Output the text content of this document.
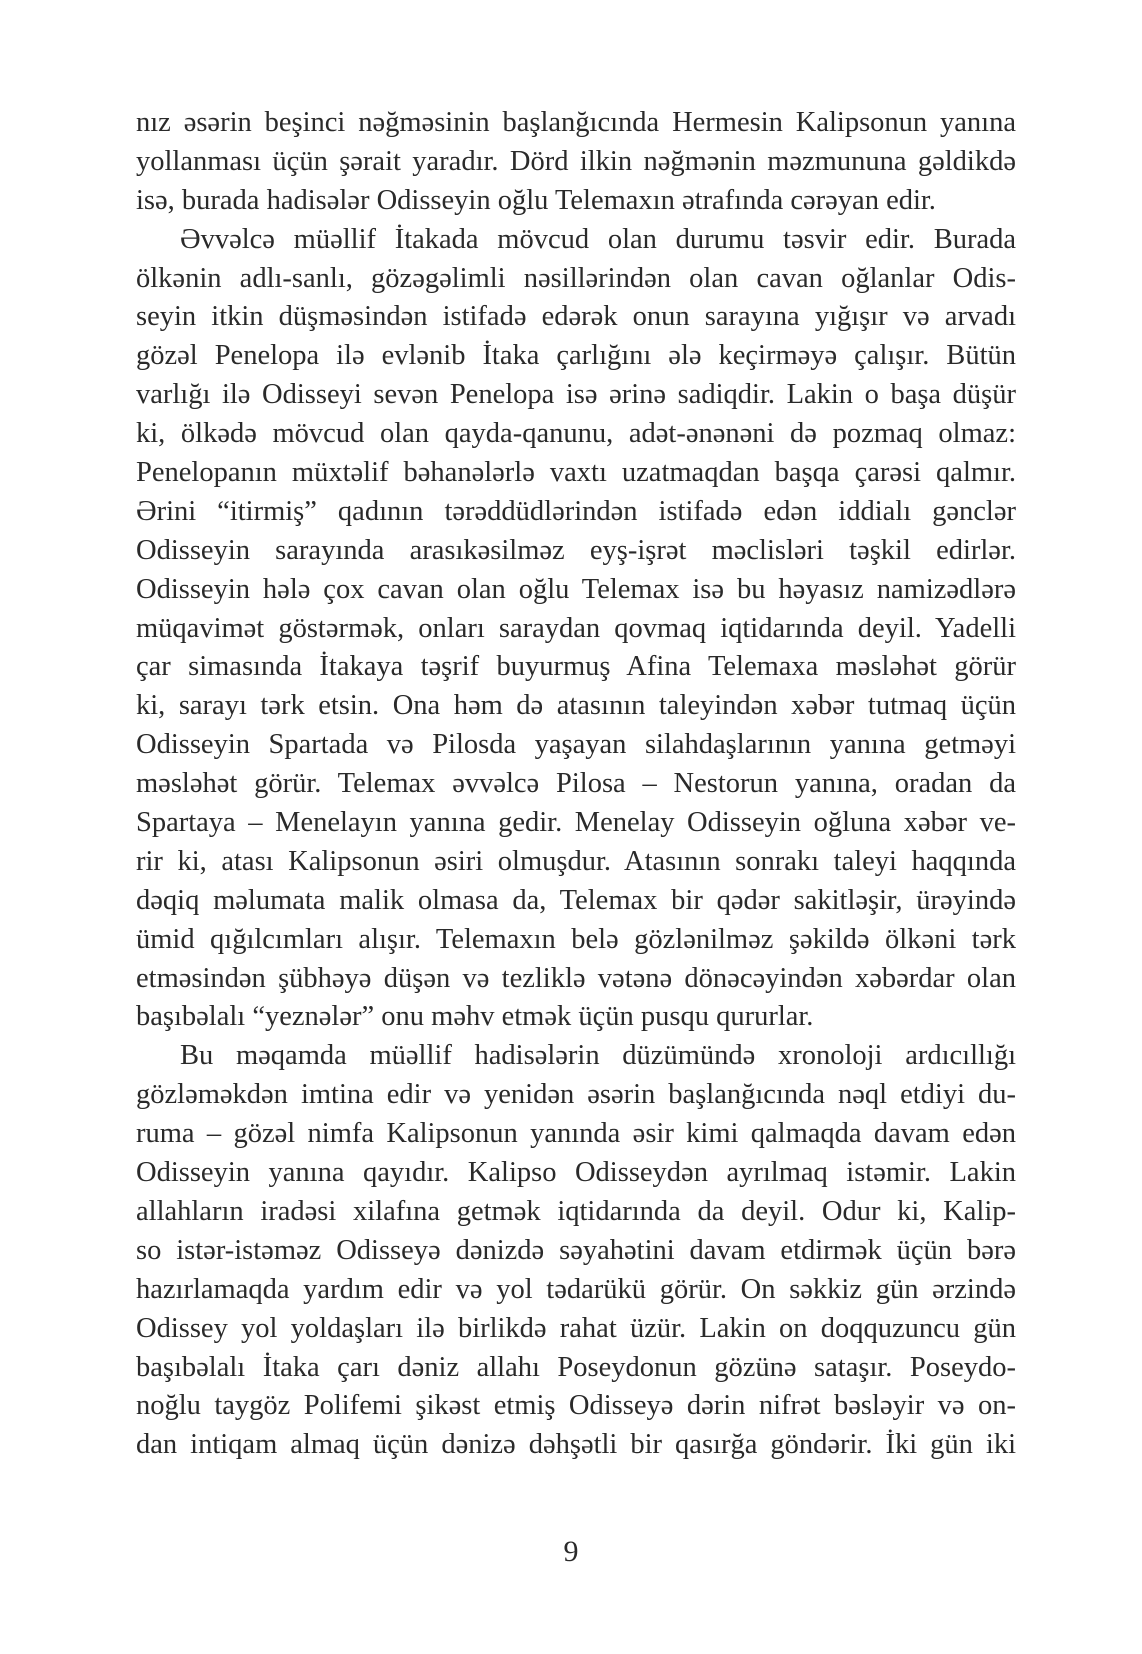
nız əsərin beşinci nəğməsinin başlanğıcında Hermesin Kalipsonun yanına
yollanması üçün şərait yaradır. Dörd ilkin nəğmənin məzmununa gəldikdə
isə, burada hadisələr Odisseyin oğlu Telemaxın ətrafında cərəyan edir.
Əvvəlcə müəllif İtakada mövcud olan durumu təsvir edir. Burada
ölkənin adlı-sanlı, gözəgəlimli nəsillərindən olan cavan oğlanlar Odis-
seyin itkin düşməsindən istifadə edərək onun sarayına yığışır və arvadı
gözəl Penelopa ilə evlənib İtaka çarlığını ələ keçirməyə çalışır. Bütün
varlığı ilə Odisseyi sevən Penelopa isə ərinə sadiqdir. Lakin o başa düşür
ki, ölkədə mövcud olan qayda-qanunu, adət-ənənəni də pozmaq olmaz:
Penelopanın müxtəlif bəhanələrlə vaxtı uzatmaqdan başqa çarəsi qalmır.
Ərini “itirmiş” qadının tərəddüdlərindən istifadə edən iddialı gənclər
Odisseyin sarayında arasıkəsilməz eyş-işrət məclisləri təşkil edirlər.
Odisseyin hələ çox cavan olan oğlu Telemax isə bu həyasız namizədlərə
müqavimət göstərmək, onları saraydan qovmaq iqtidarında deyil. Yadelli
çar simasında İtakaya təşrif buyurmuş Afina Telemaxa məsləhət görür
ki, sarayı tərk etsin. Ona həm də atasının taleyindən xəbər tutmaq üçün
Odisseyin Spartada və Pilosda yaşayan silahdaşlarının yanına getməyi
məsləhət görür. Telemax əvvəlcə Pilosa – Nestorun yanına, oradan da
Spartaya – Menelayın yanına gedir. Menelay Odisseyin oğluna xəbər ve-
rir ki, atası Kalipsonun əsiri olmuşdur. Atasının sonrakı taleyi haqqında
dəqiq məlumata malik olmasa da, Telemax bir qədər sakitləşir, ürəyində
ümid qığılcımları alışır. Telemaxın belə gözlənilməz şəkildə ölkəni tərk
etməsindən şübhəyə düşən və tezliklə vətənə dönəcəyindən xəbərdar olan
başıbəlalı “yeznələr” onu məhv etmək üçün pusqu qururlar.
Bu məqamda müəllif hadisələrin düzümündə xronoloji ardıcıllığı
gözləməkdən imtina edir və yenidən əsərin başlanğıcında nəql etdiyi du-
ruma – gözəl nimfa Kalipsonun yanında əsir kimi qalmaqda davam edən
Odisseyin yanına qayıdır. Kalipso Odisseydən ayrılmaq istəmir. Lakin
allahların iradəsi xilafına getmək iqtidarında da deyil. Odur ki, Kalip-
so istər-istəməz Odisseyə dənizdə səyahətini davam etdirmək üçün bərə
hazırlamaqda yardım edir və yol tədarükü görür. On səkkiz gün ərzində
Odissey yol yoldaşları ilə birlikdə rahat üzür. Lakin on doqquzuncu gün
başıbəlalı İtaka çarı dəniz allahı Poseydonun gözünə sataşır. Poseydo-
noğlu taygöz Polifemi şikəst etmiş Odisseyə dərin nifrət bəsləyir və on-
dan intiqam almaq üçün dənizə dəhşətli bir qasırğa göndərir. İki gün iki
9
